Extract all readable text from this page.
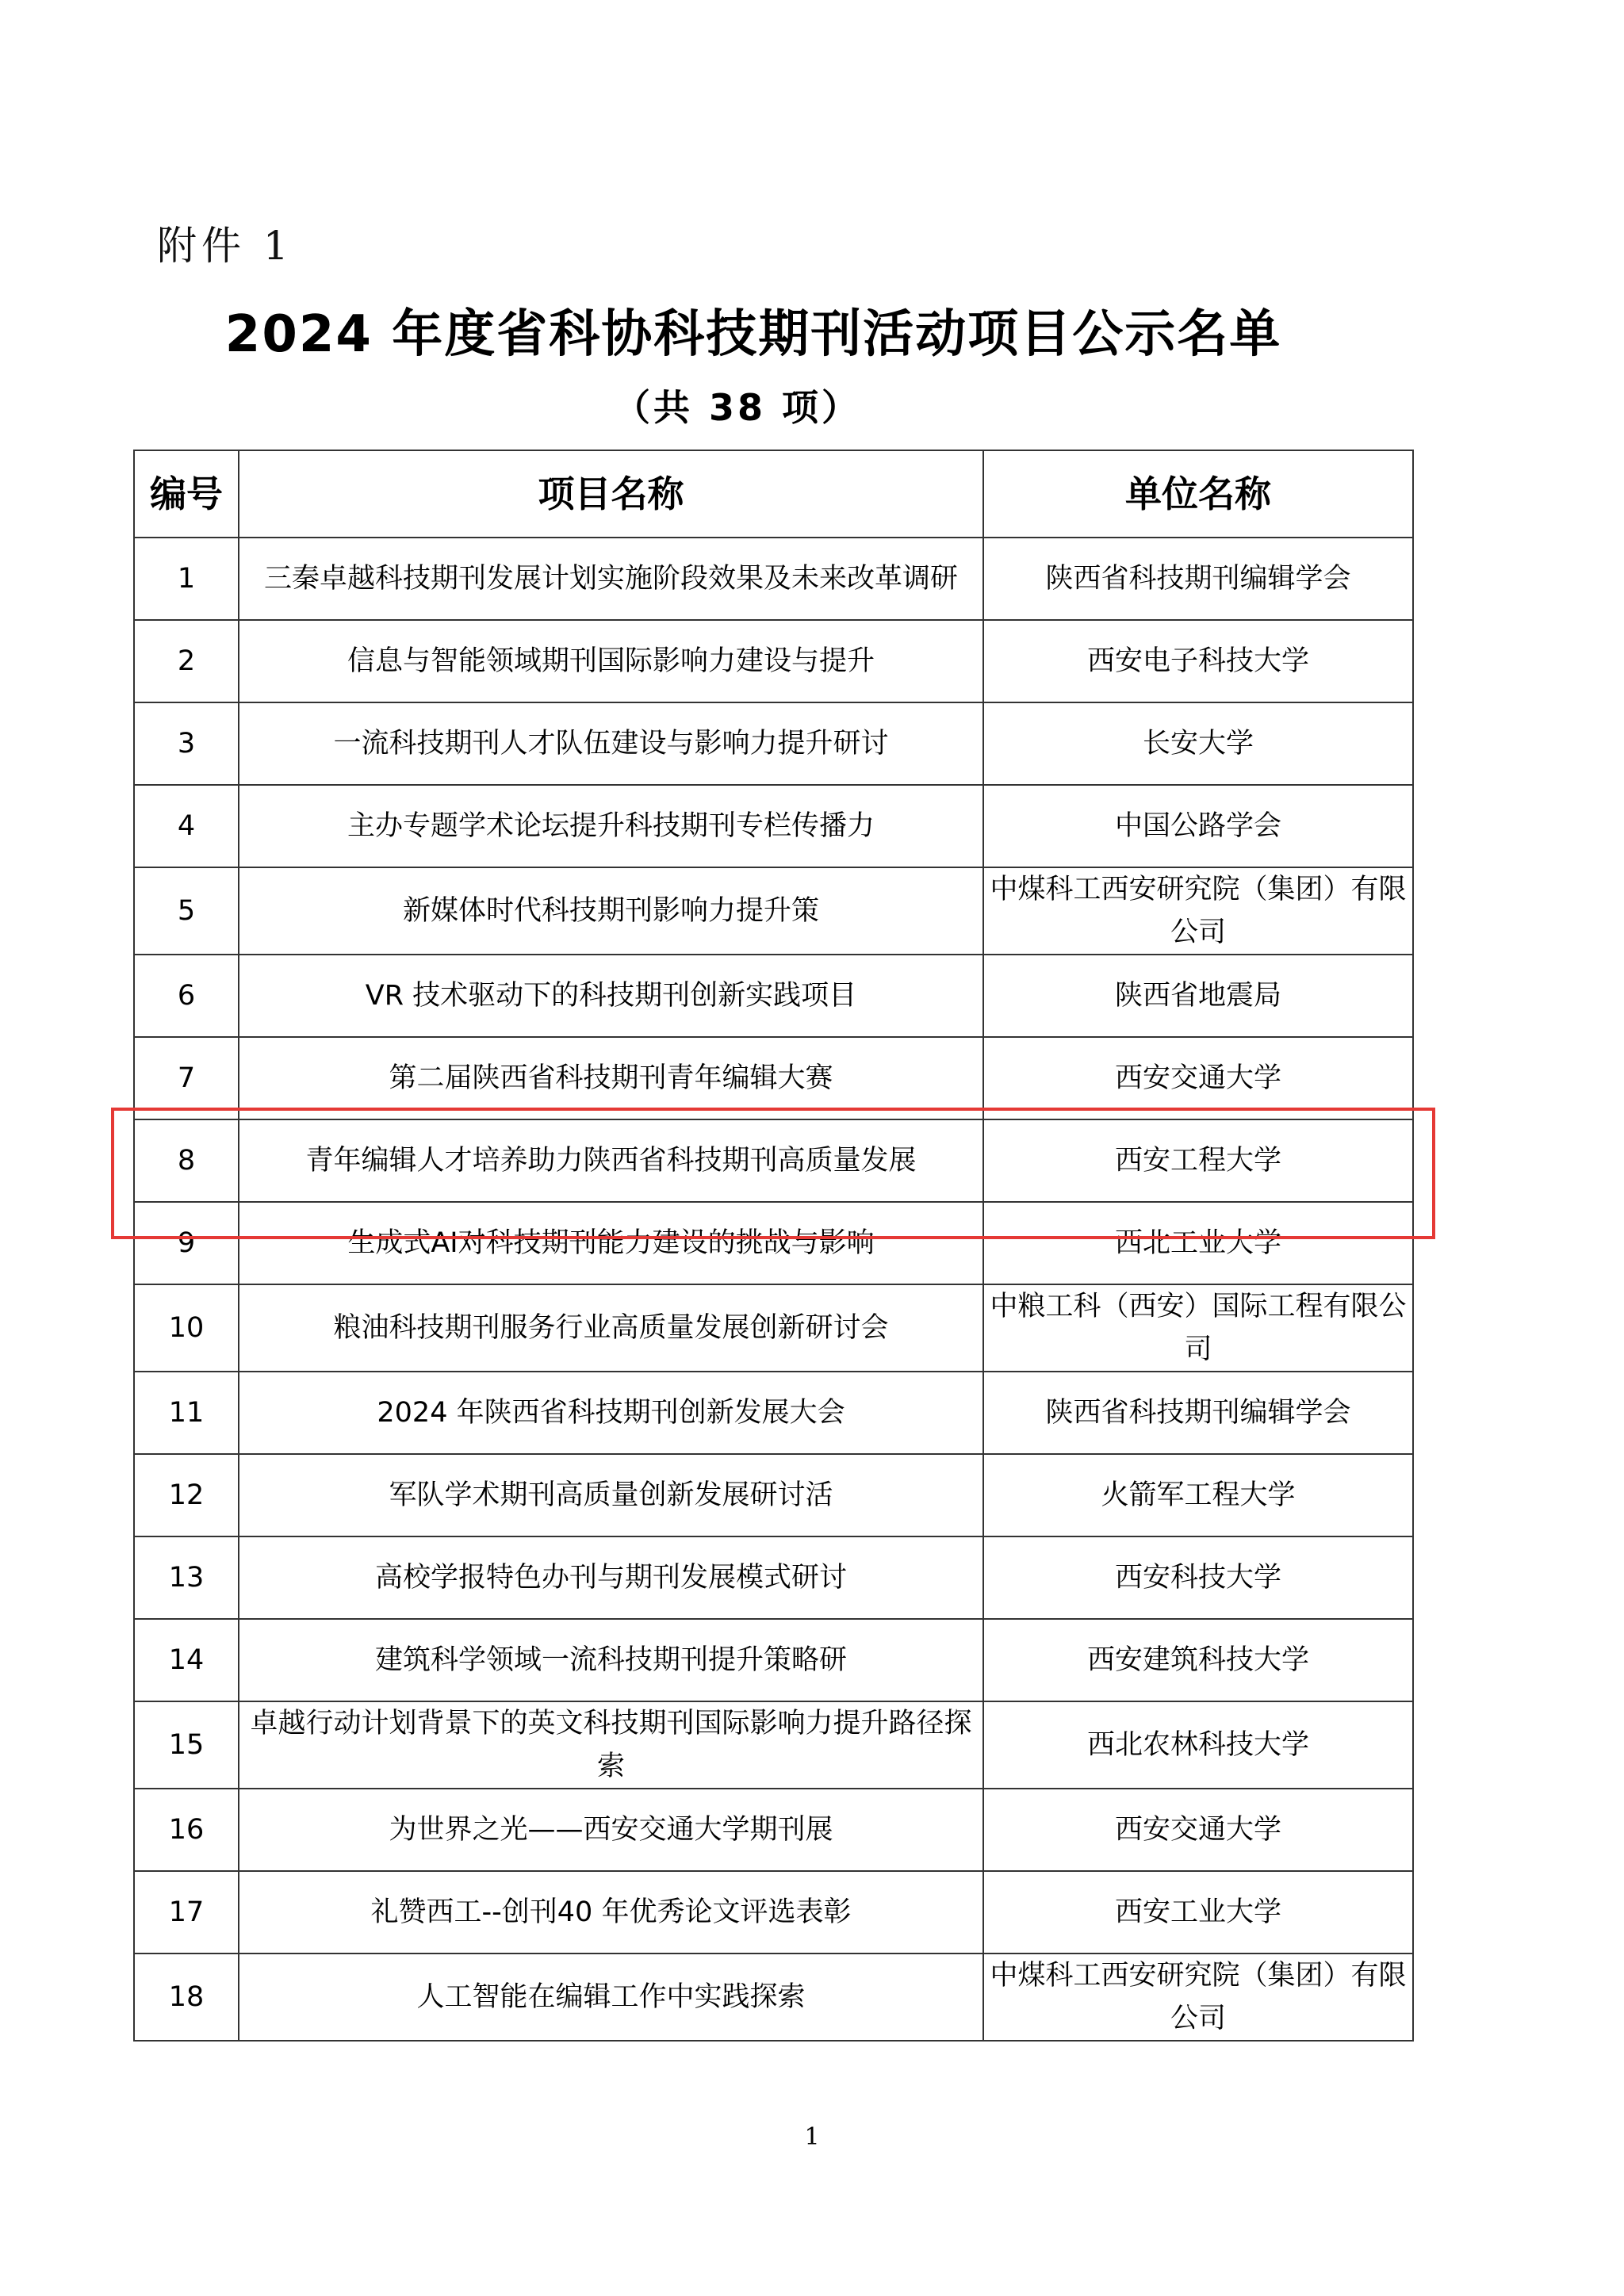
附件 1
2024 年度省科协科技期刊活动项目公示名单
（共 38 项）
编号	项目名称	单位名称
1	三秦卓越科技期刊发展计划实施阶段效果及未来改革调研	陕西省科技期刊编辑学会
2	信息与智能领域期刊国际影响力建设与提升	西安电子科技大学
3	一流科技期刊人才队伍建设与影响力提升研讨	长安大学
4	主办专题学术论坛提升科技期刊专栏传播力	中国公路学会
5	新媒体时代科技期刊影响力提升策	中煤科工西安研究院（集团）有限公司
6	VR 技术驱动下的科技期刊创新实践项目	陕西省地震局
7	第二届陕西省科技期刊青年编辑大赛	西安交通大学
8	青年编辑人才培养助力陕西省科技期刊高质量发展	西安工程大学
9	生成式AI对科技期刊能力建设的挑战与影响	西北工业大学
10	粮油科技期刊服务行业高质量发展创新研讨会	中粮工科（西安）国际工程有限公司
11	2024 年陕西省科技期刊创新发展大会	陕西省科技期刊编辑学会
12	军队学术期刊高质量创新发展研讨活	火箭军工程大学
13	高校学报特色办刊与期刊发展模式研讨	西安科技大学
14	建筑科学领域一流科技期刊提升策略研	西安建筑科技大学
15	卓越行动计划背景下的英文科技期刊国际影响力提升路径探索	西北农林科技大学
16	为世界之光——西安交通大学期刊展	西安交通大学
17	礼赞西工--创刊40 年优秀论文评选表彰	西安工业大学
18	人工智能在编辑工作中实践探索	中煤科工西安研究院（集团）有限公司
1
